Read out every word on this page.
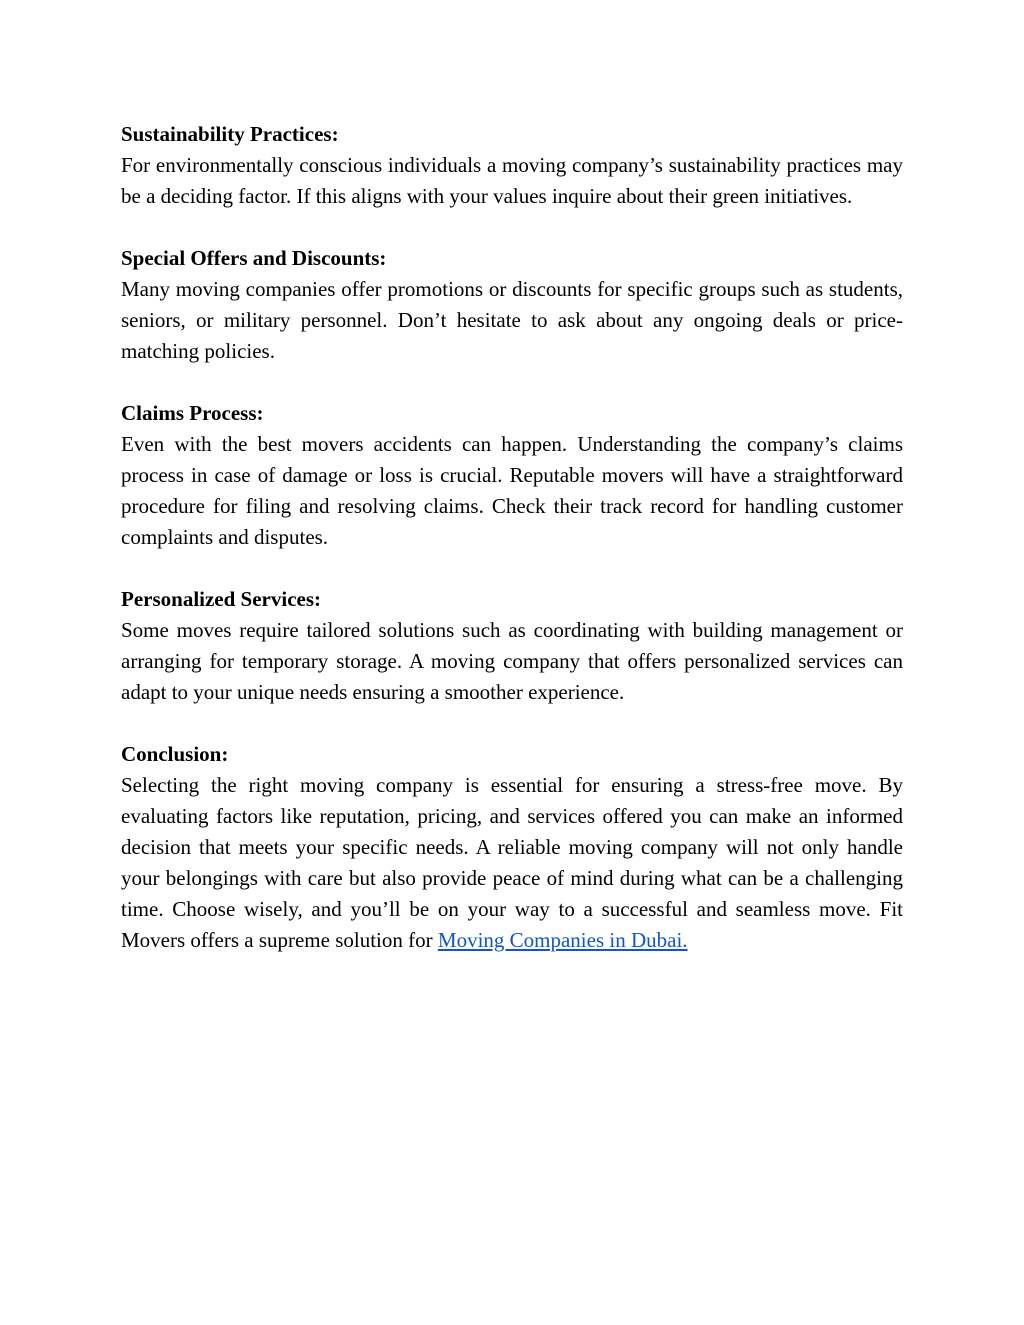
Sustainability Practices:

For environmentally conscious individuals a moving company’s sustainability practices may be a deciding factor. If this aligns with your values inquire about their green initiatives.

Special Offers and Discounts:

Many moving companies offer promotions or discounts for specific groups such as students, seniors, or military personnel. Don’t hesitate to ask about any ongoing deals or price-matching policies.

Claims Process:

Even with the best movers accidents can happen. Understanding the company’s claims process in case of damage or loss is crucial. Reputable movers will have a straightforward procedure for filing and resolving claims. Check their track record for handling customer complaints and disputes.

Personalized Services:

Some moves require tailored solutions such as coordinating with building management or arranging for temporary storage. A moving company that offers personalized services can adapt to your unique needs ensuring a smoother experience.

Conclusion:

Selecting the right moving company is essential for ensuring a stress-free move. By evaluating factors like reputation, pricing, and services offered you can make an informed decision that meets your specific needs. A reliable moving company will not only handle your belongings with care but also provide peace of mind during what can be a challenging time. Choose wisely, and you’ll be on your way to a successful and seamless move. Fit Movers offers a supreme solution for Moving Companies in Dubai.
